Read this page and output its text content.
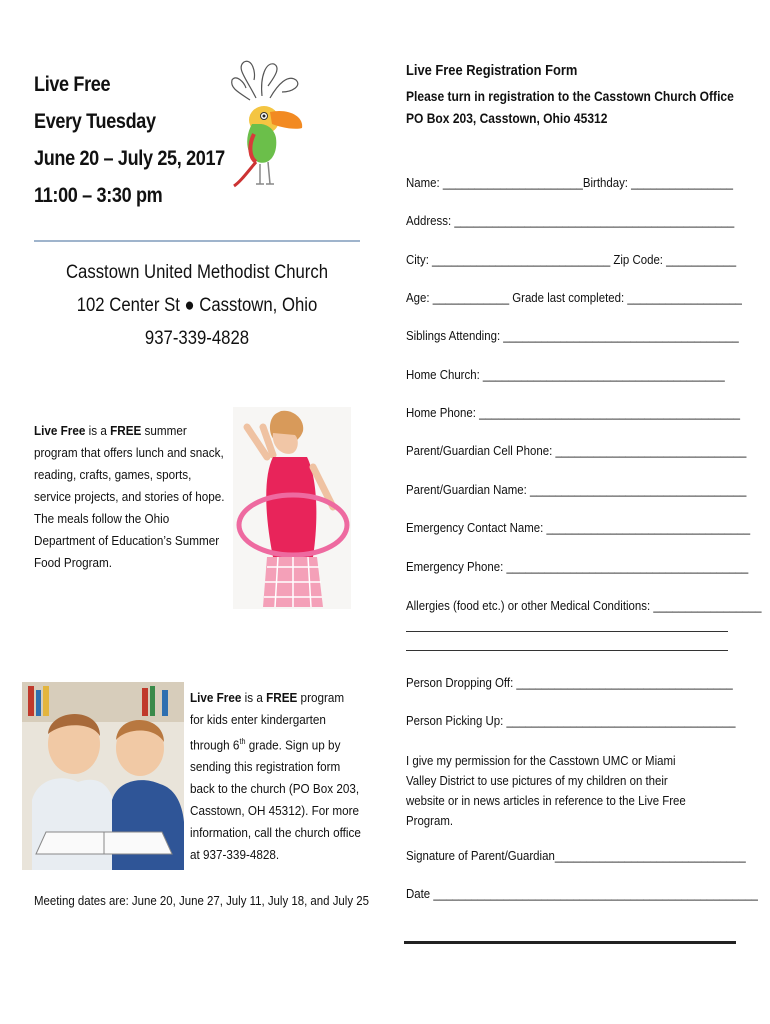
Live Free
Every Tuesday
June 20 – July 25, 2017
11:00 – 3:30 pm
Casstown United Methodist Church
102 Center St ● Casstown, Ohio
937-339-4828
Live Free is a FREE summer program that offers lunch and snack, reading, crafts, games, sports, service projects, and stories of hope. The meals follow the Ohio Department of Education’s Summer Food Program.
Live Free is a FREE program for kids enter kindergarten through 6th grade. Sign up by sending this registration form back to the church (PO Box 203, Casstown, OH 45312). For more information, call the church office at 937-339-4828.
Meeting dates are: June 20, June 27, July 11, July 18, and July 25
Live Free Registration Form
Please turn in registration to the Casstown Church Office
PO Box 203, Casstown, Ohio 45312
Name: ______________________Birthday: ________________
Address: ____________________________________________
City: ____________________________ Zip Code: ___________
Age: ____________ Grade last completed: __________________
Siblings Attending: _____________________________________
Home Church: ______________________________________
Home Phone: _________________________________________
Parent/Guardian Cell Phone: ______________________________
Parent/Guardian Name: __________________________________
Emergency Contact Name: ________________________________
Emergency Phone: ______________________________________
Allergies (food etc.) or other Medical Conditions: _________________
Person Dropping Off: __________________________________
Person Picking Up: ____________________________________
I give my permission for the Casstown UMC or Miami Valley District to use pictures of my children on their website or in news articles in reference to the Live Free Program.
Signature of Parent/Guardian______________________________
Date ___________________________________________________
